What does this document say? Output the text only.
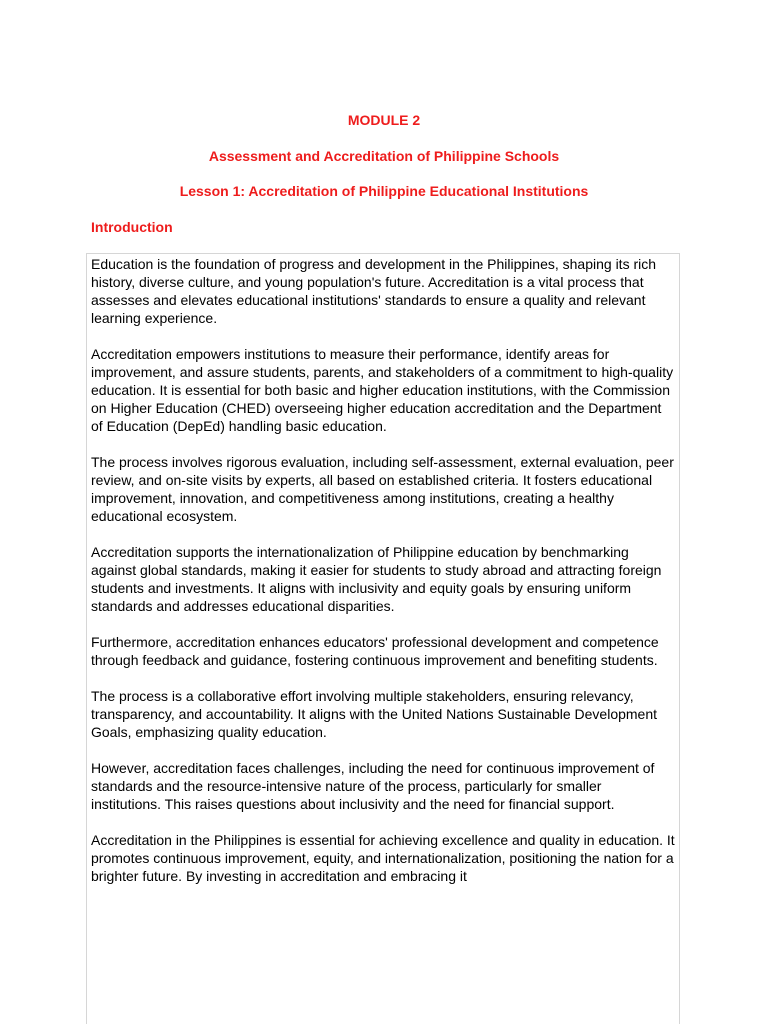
MODULE 2
Assessment and Accreditation of Philippine Schools
Lesson 1: Accreditation of Philippine Educational Institutions
Introduction

Education is the foundation of progress and development in the Philippines, shaping its rich history, diverse culture, and young population's future. Accreditation is a vital process that assesses and elevates educational institutions' standards to ensure a quality and relevant learning experience.

Accreditation empowers institutions to measure their performance, identify areas for improvement, and assure students, parents, and stakeholders of a commitment to high-quality education. It is essential for both basic and higher education institutions, with the Commission on Higher Education (CHED) overseeing higher education accreditation and the Department of Education (DepEd) handling basic education.

The process involves rigorous evaluation, including self-assessment, external evaluation, peer review, and on-site visits by experts, all based on established criteria. It fosters educational improvement, innovation, and competitiveness among institutions, creating a healthy educational ecosystem.

Accreditation supports the internationalization of Philippine education by benchmarking against global standards, making it easier for students to study abroad and attracting foreign students and investments. It aligns with inclusivity and equity goals by ensuring uniform standards and addresses educational disparities.

Furthermore, accreditation enhances educators' professional development and competence through feedback and guidance, fostering continuous improvement and benefiting students.

The process is a collaborative effort involving multiple stakeholders, ensuring relevancy, transparency, and accountability. It aligns with the United Nations Sustainable Development Goals, emphasizing quality education.

However, accreditation faces challenges, including the need for continuous improvement of standards and the resource-intensive nature of the process, particularly for smaller institutions. This raises questions about inclusivity and the need for financial support.

Accreditation in the Philippines is essential for achieving excellence and quality in education. It promotes continuous improvement, equity, and internationalization, positioning the nation for a brighter future. By investing in accreditation and embracing it
